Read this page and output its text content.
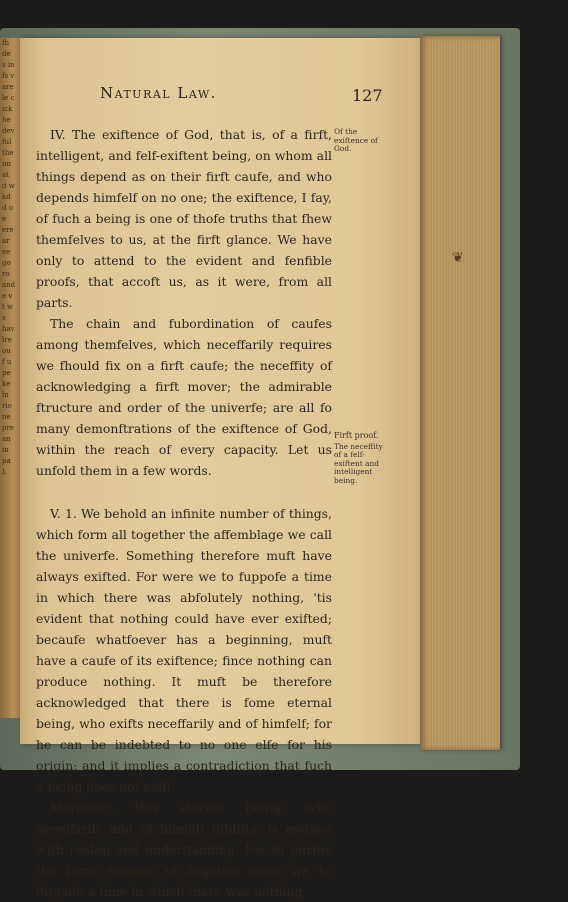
fh
de
s in
fs v
are
le c
ick
he
dev
ful
the
nn
at
d w
kd
d u
e
ere
ar
ee
go
ro
and
e v
t w
s
hav
lre
ou
f u
pe
ke
ln
rio
ne
pre
an
in
pa
I.
Natural Law.	127

IV. The exiftence of God, that is, of a firft, intelligent, and felf-exiftent being, on whom all things depend as on their firft caufe, and who depends himfelf on no one; the exiftence, I fay, of fuch a being is one of thofe truths that fhew themfelves to us, at the firft glance. We have only to attend to the evident and fenfible proofs, that accoft us, as it were, from all parts.

The chain and fubordination of caufes among themfelves, which neceffarily requires we fhould fix on a firft caufe; the neceffity of acknowledging a firft mover; the admirable ftructure and order of the univerfe; are all fo many demonftrations of the exiftence of God, within the reach of every capacity. Let us unfold them in a few words.

V. 1. We behold an infinite number of things, which form all together the affemblage we call the univerfe. Something therefore muft have always exifted. For were we to fuppofe a time in which there was abfolutely nothing, 'tis evident that nothing could have ever exifted; becaufe whatfoever has a beginning, muft have a caufe of its exiftence; fince nothing can produce nothing. It muft be therefore acknowledged that there is fome eternal being, who exifts neceffarily and of himfelf; for he can be indebted to no one elfe for his origin; and it implies a contradiction that fuch a being does not exift.

Moreover, this eternal being, who neceffarily and of himfelf fubfifts, is endued with reafon and underftanding. For to purfue the fame manner of arguing, were we to fuppofe a time in which there was nothing

Of the exiftence of God.
Firft proof.
The neceffity of a felf-exiftent and intelligent being.
❦
